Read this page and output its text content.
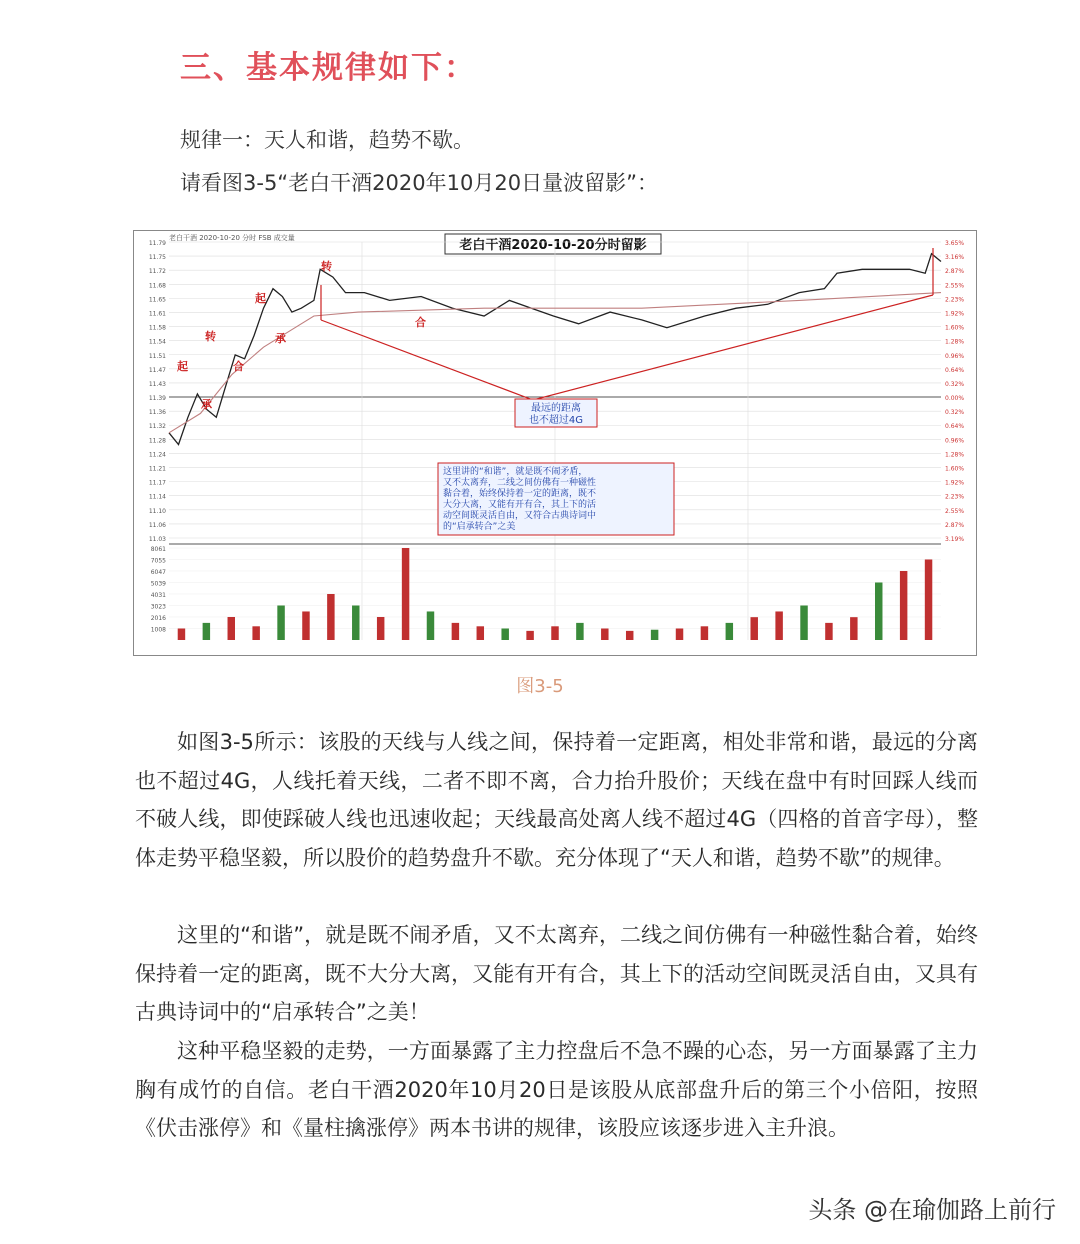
三、基本规律如下：
规律一：天人和谐，趋势不歇。
请看图3-5“老白干酒2020年10月20日量波留影”：
老白干酒 2020-10-20 分时 FSB 成交量	老白干酒2020-10-20分时留影
11.79
11.75
11.72
11.68
11.65
11.61
11.58
11.54
11.51
11.47
11.43
11.39
11.36
11.32
11.28
11.24
11.21
11.17
11.14
11.10
11.06
11.03
3.65%
3.16%
2.87%
2.55%
2.23%
1.92%
1.60%
1.28%
0.96%
0.64%
0.32%
0.00%
0.32%
0.64%
0.96%
1.28%
1.60%
1.92%
2.23%
2.55%
2.87%
3.19%
8061
7055
6047
5039
4031
3023
2016
1008
最远的距离
也不超过4G
这里讲的“和谐”，就是既不闹矛盾，
又不太离弃，二线之间仿佛有一种磁性
黏合着，始终保持着一定的距离，既不
大分大离，又能有开有合，其上下的活
动空间既灵活自由，又符合古典诗词中
的“启承转合”之美
起
承
转
合
起
承
转
合
图3-5

如图3-5所示：该股的天线与人线之间，保持着一定距离，相处非常和谐，最远的分离也不超过4G，人线托着天线，二者不即不离，合力抬升股价；天线在盘中有时回踩人线而不破人线，即使踩破人线也迅速收起；天线最高处离人线不超过4G（四格的首音字母），整体走势平稳坚毅，所以股价的趋势盘升不歇。充分体现了“天人和谐，趋势不歇”的规律。

这里的“和谐”，就是既不闹矛盾，又不太离弃，二线之间仿佛有一种磁性黏合着，始终保持着一定的距离，既不大分大离，又能有开有合，其上下的活动空间既灵活自由，又具有古典诗词中的“启承转合”之美！

这种平稳坚毅的走势，一方面暴露了主力控盘后不急不躁的心态，另一方面暴露了主力胸有成竹的自信。老白干酒2020年10月20日是该股从底部盘升后的第三个小倍阳，按照《伏击涨停》和《量柱擒涨停》两本书讲的规律，该股应该逐步进入主升浪。

头条 @在瑜伽路上前行
